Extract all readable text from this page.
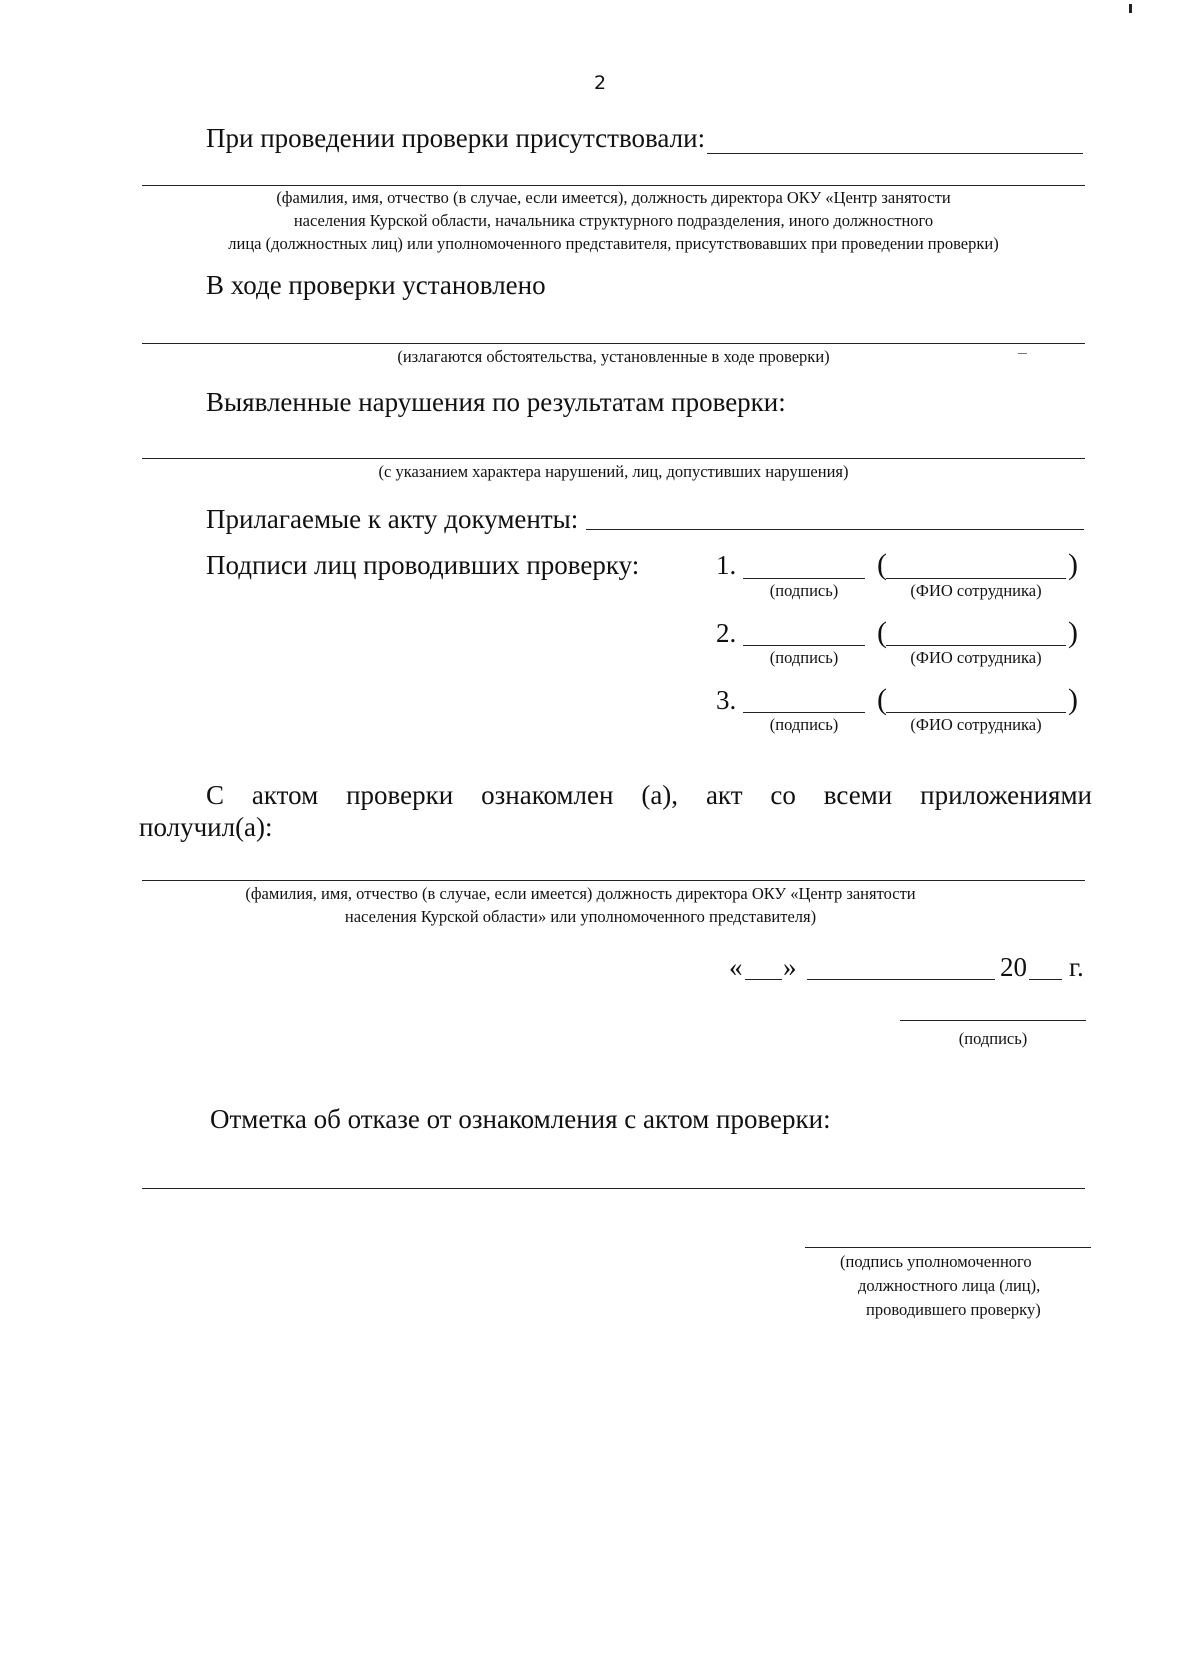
2
При проведении проверки присутствовали:
(фамилия, имя, отчество (в случае, если имеется), должность директора ОКУ «Центр занятости
населения Курской области, начальника структурного подразделения, иного должностного
лица (должностных лиц) или уполномоченного представителя, присутствовавших при проведении проверки)
В ходе проверки установлено
(излагаются обстоятельства, установленные в ходе проверки)
Выявленные нарушения по результатам проверки:
(с указанием характера нарушений, лиц, допустивших нарушения)
Прилагаемые к акту документы:
Подписи лиц проводивших проверку:	1.	(	)
(подпись)	(ФИО сотрудника)
2.	(	)
(подпись)	(ФИО сотрудника)
3.	(	)
(подпись)	(ФИО сотрудника)
С актом проверки ознакомлен (а), акт со всеми приложениями
получил(а):
(фамилия, имя, отчество (в случае, если имеется) должность директора ОКУ «Центр занятости
населения Курской области» или уполномоченного представителя)
« »	20 г.
(подпись)
Отметка об отказе от ознакомления с актом проверки:
(подпись уполномоченного
должностного лица (лиц),
проводившего проверку)
